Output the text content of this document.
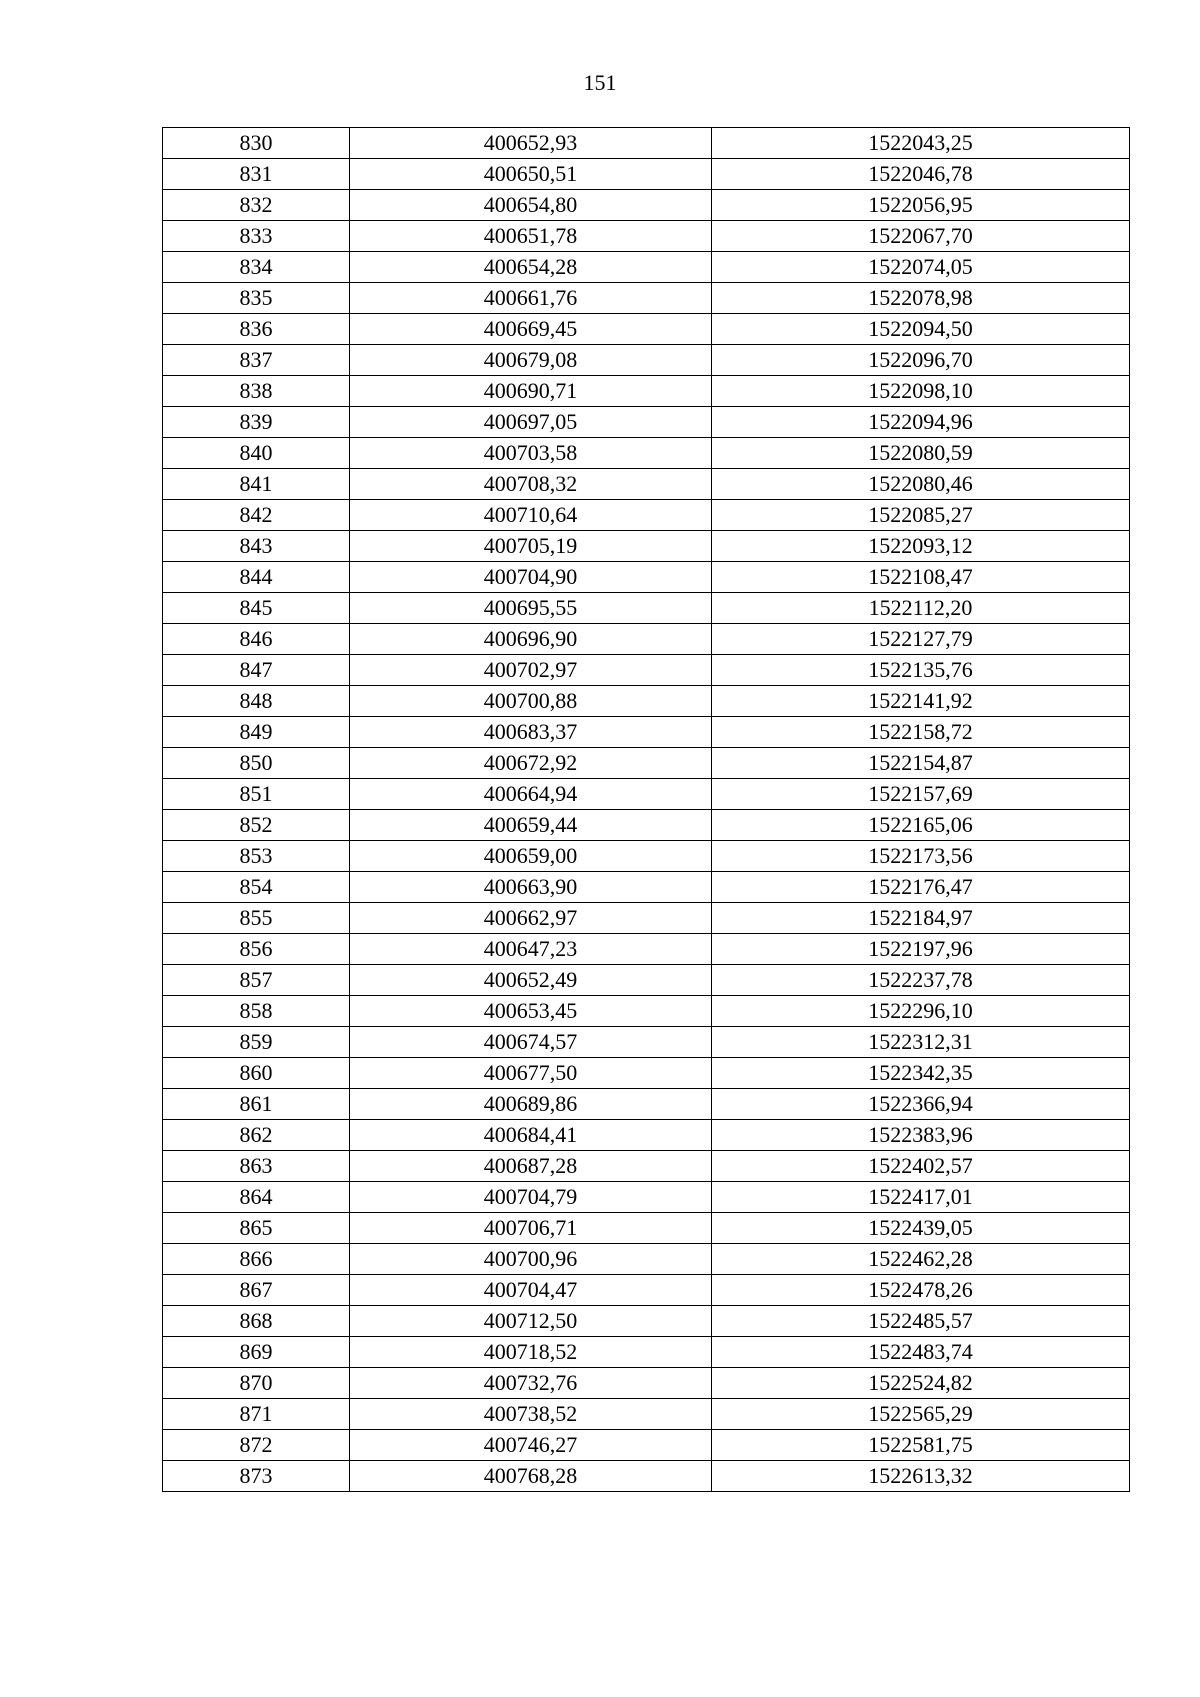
151
830	400652,93	1522043,25
831	400650,51	1522046,78
832	400654,80	1522056,95
833	400651,78	1522067,70
834	400654,28	1522074,05
835	400661,76	1522078,98
836	400669,45	1522094,50
837	400679,08	1522096,70
838	400690,71	1522098,10
839	400697,05	1522094,96
840	400703,58	1522080,59
841	400708,32	1522080,46
842	400710,64	1522085,27
843	400705,19	1522093,12
844	400704,90	1522108,47
845	400695,55	1522112,20
846	400696,90	1522127,79
847	400702,97	1522135,76
848	400700,88	1522141,92
849	400683,37	1522158,72
850	400672,92	1522154,87
851	400664,94	1522157,69
852	400659,44	1522165,06
853	400659,00	1522173,56
854	400663,90	1522176,47
855	400662,97	1522184,97
856	400647,23	1522197,96
857	400652,49	1522237,78
858	400653,45	1522296,10
859	400674,57	1522312,31
860	400677,50	1522342,35
861	400689,86	1522366,94
862	400684,41	1522383,96
863	400687,28	1522402,57
864	400704,79	1522417,01
865	400706,71	1522439,05
866	400700,96	1522462,28
867	400704,47	1522478,26
868	400712,50	1522485,57
869	400718,52	1522483,74
870	400732,76	1522524,82
871	400738,52	1522565,29
872	400746,27	1522581,75
873	400768,28	1522613,32
